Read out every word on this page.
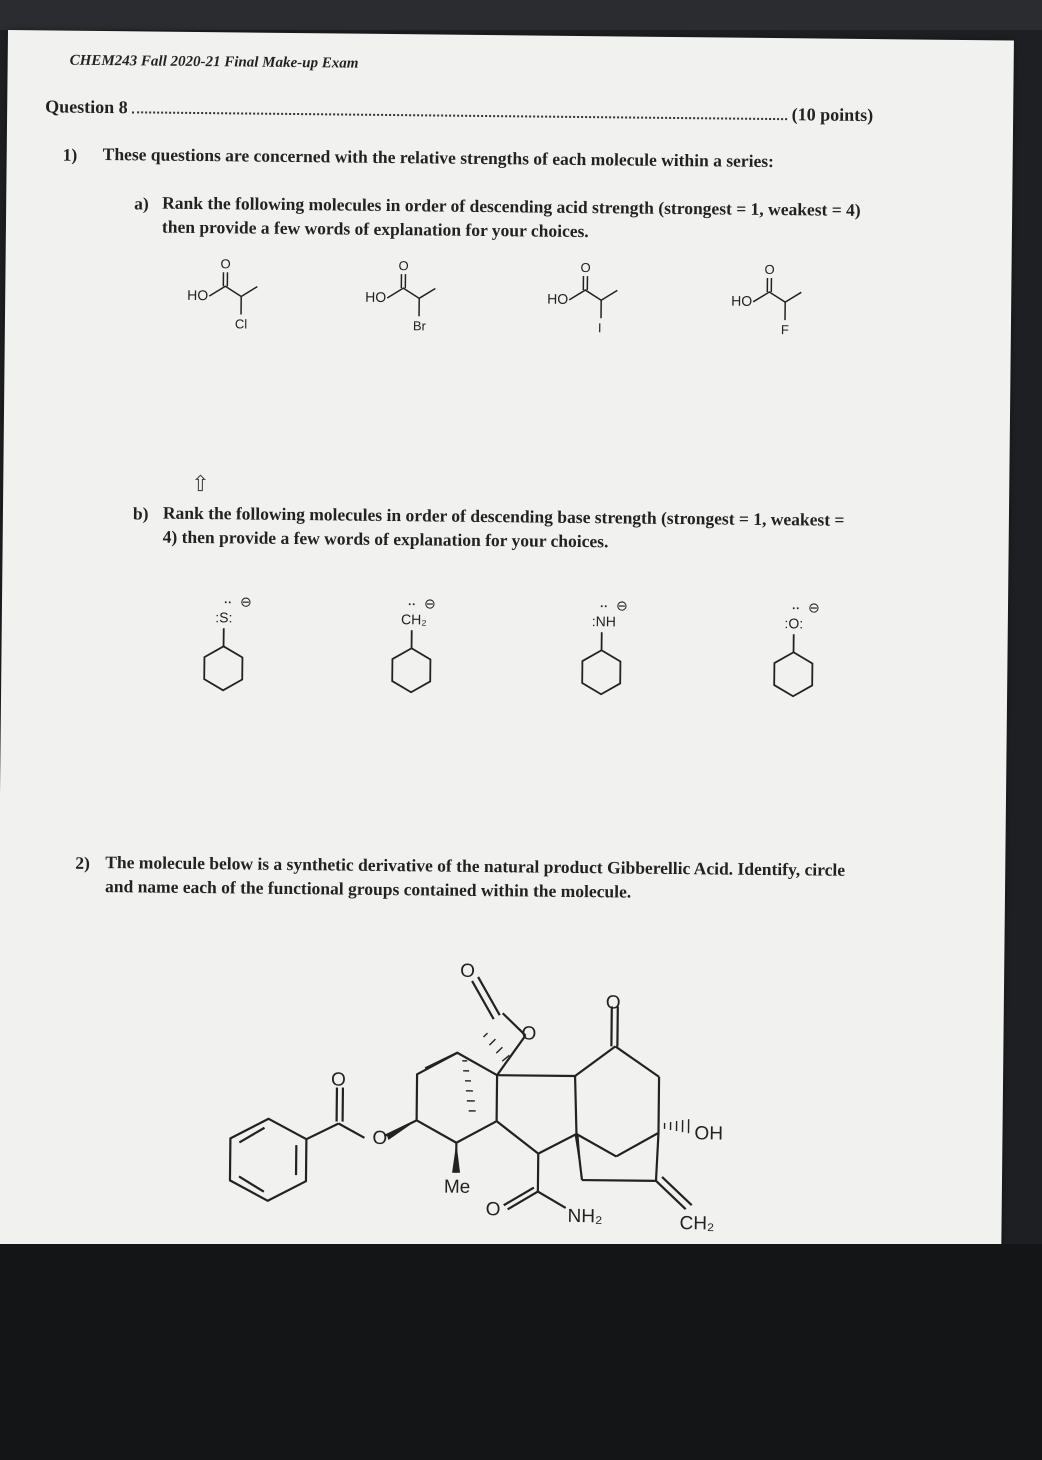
CHEM243 Fall 2020-21 Final Make-up Exam
Question 8	(10 points)
1) These questions are concerned with the relative strengths of each molecule within a series:
a) Rank the following molecules in order of descending acid strength (strongest = 1, weakest = 4)
then provide a few words of explanation for your choices.
HO
O
Cl
HO
O
Br
HO
O
I
HO
O
F
⇧
b) Rank the following molecules in order of descending base strength (strongest = 1, weakest =
4) then provide a few words of explanation for your choices.
·· ⊖
:S:
·· ⊖
CH₂
·· ⊖
:NH
·· ⊖
:O:
2) The molecule below is a synthetic derivative of the natural product Gibberellic Acid. Identify, circle
and name each of the functional groups contained within the molecule.
O
O
O
O
O	OH
Me
O	NH₂	CH₂
